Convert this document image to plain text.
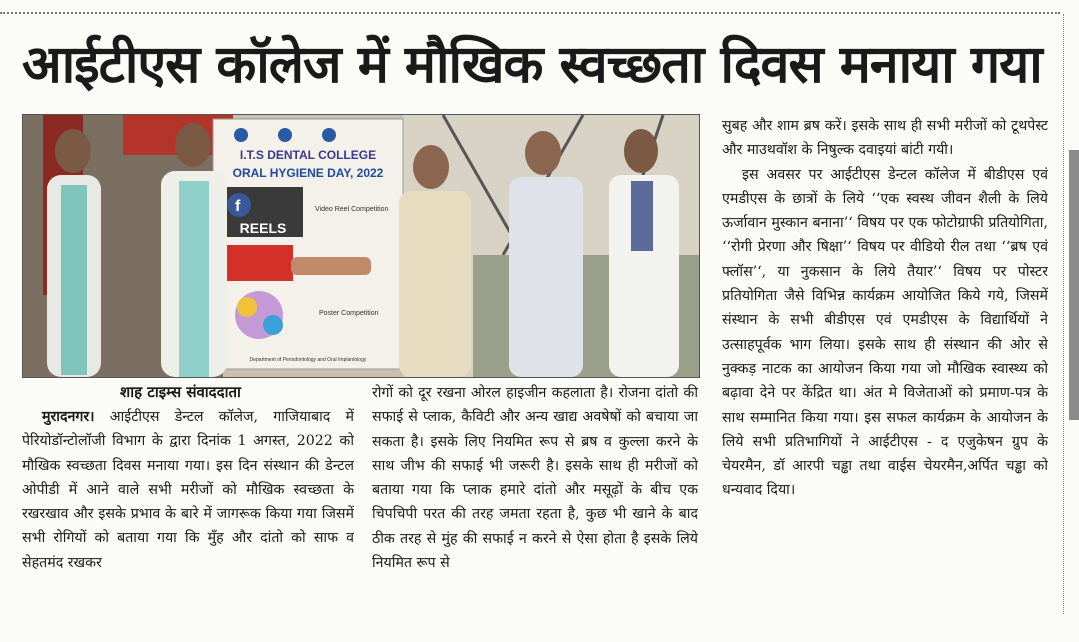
आईटीएस कॉलेज में मौखिक स्वच्छता दिवस मनाया गया
I.T.S DENTAL COLLEGE
ORAL HYGIENE DAY, 2022
f
REELS
Video Reel Competition
Poster Competition
Department of Periodontology and Oral Implantology
शाह टाइम्स संवाददाता

मुरादनगर। आईटीएस डेन्टल कॉलेज, गाजियाबाद में पेरियोडॉन्टोलॉजी विभाग के द्वारा दिनांक 1 अगस्त, 2022 को मौखिक स्वच्छता दिवस मनाया गया। इस दिन संस्थान की डेन्टल ओपीडी में आने वाले सभी मरीजों को मौखिक स्वच्छता के रखरखाव और इसके प्रभाव के बारे में जागरूक किया गया जिसमें सभी रोगियों को बताया गया कि मुँह और दांतो को साफ व सेहतमंद रखकर

रोगों को दूर रखना ओरल हाइजीन कहलाता है। रोजना दांतो की सफाई से प्लाक, कैविटी और अन्य खाद्य अवषेषों को बचाया जा सकता है। इसके लिए नियमित रूप से ब्रष व कुल्ला करने के साथ जीभ की सफाई भी जरूरी है। इसके साथ ही मरीजों को बताया गया कि प्लाक हमारे दांतो और मसूढ़ों के बीच एक चिपचिपी परत की तरह जमता रहता है, कुछ भी खाने के बाद ठीक तरह से मुंह की सफाई न करने से ऐसा होता है इसके लिये नियमित रूप से

सुबह और शाम ब्रष करें। इसके साथ ही सभी मरीजों को टूथपेस्ट और माउथवॉश के निषुल्क दवाइयां बांटी गयी।

इस अवसर पर आईटीएस डेन्टल कॉलेज में बीडीएस एवं एमडीएस के छात्रों के लिये ‘‘एक स्वस्थ जीवन शैली के लिये ऊर्जावान मुस्कान बनाना’‘ विषय पर एक फोटोग्राफी प्रतियोगिता, ‘‘रोगी प्रेरणा और षिक्षा’‘ विषय पर वीडियो रील तथा ‘‘ब्रष एवं फ्लॉस’‘, या नुकसान के लिये तैयार’‘ विषय पर पोस्टर प्रतियोगिता जैसे विभिन्न कार्यक्रम आयोजित किये गये, जिसमें संस्थान के सभी बीडीएस एवं एमडीएस के विद्यार्थियों ने उत्साहपूर्वक भाग लिया। इसके साथ ही संस्थान की ओर से नुक्कड़ नाटक का आयोजन किया गया जो मौखिक स्वास्थ्य को बढ़ावा देने पर केंद्रित था। अंत मे विजेताओं को प्रमाण-पत्र के साथ सम्मानित किया गया। इस सफल कार्यक्रम के आयोजन के लिये सभी प्रतिभागियों ने आईटीएस - द एजुकेषन ग्रुप के चेयरमैन, डॉ आरपी चड्ढा तथा वाईस चेयरमैन,अर्पित चड्ढा को धन्यवाद दिया।
